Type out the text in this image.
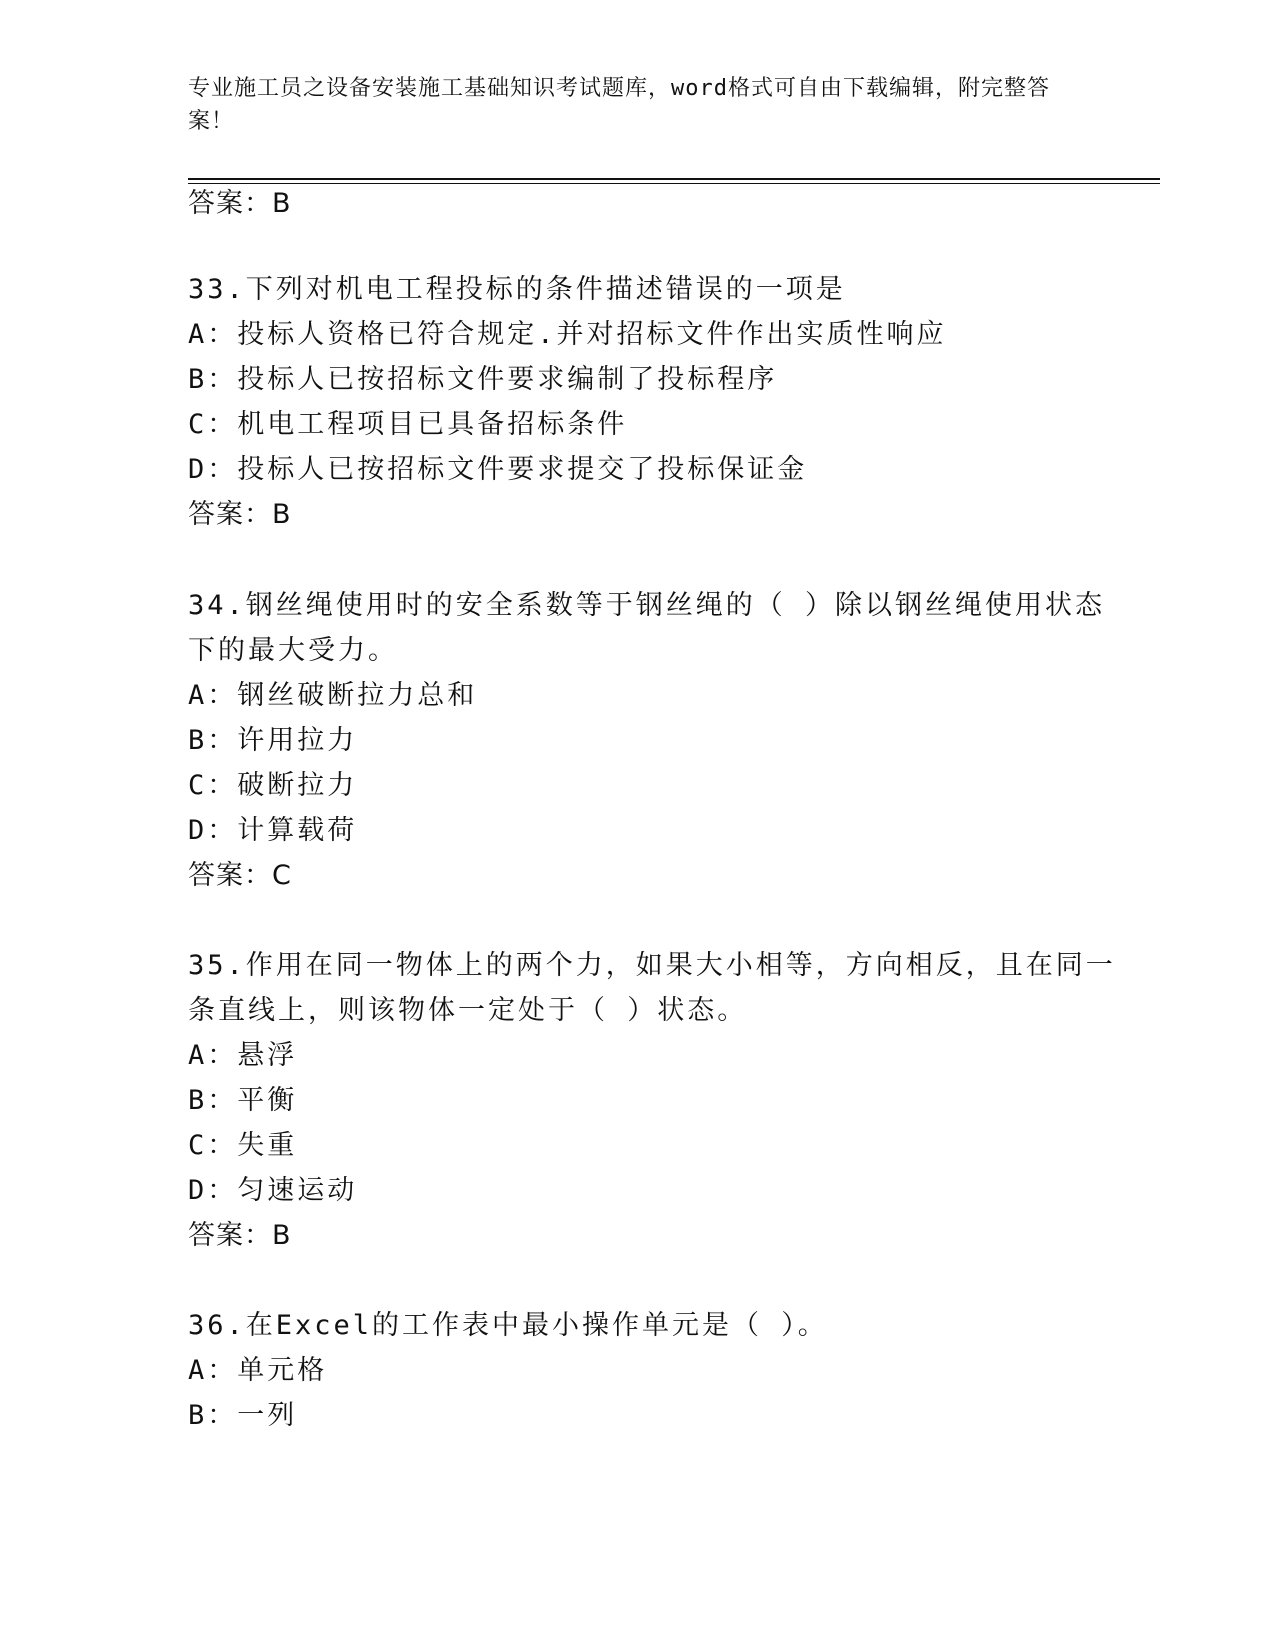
专业施工员之设备安装施工基础知识考试题库，word格式可自由下载编辑，附完整答案！

答案：B

33.下列对机电工程投标的条件描述错误的一项是

A：投标人资格已符合规定.并对招标文件作出实质性响应

B：投标人已按招标文件要求编制了投标程序

C：机电工程项目已具备招标条件

D：投标人已按招标文件要求提交了投标保证金

答案：B

34.钢丝绳使用时的安全系数等于钢丝绳的（ ）除以钢丝绳使用状态

下的最大受力。

A：钢丝破断拉力总和

B：许用拉力

C：破断拉力

D：计算载荷

答案：C

35.作用在同一物体上的两个力，如果大小相等，方向相反，且在同一

条直线上，则该物体一定处于（ ）状态。

A：悬浮

B：平衡

C：失重

D：匀速运动

答案：B

36.在Excel的工作表中最小操作单元是（ ）。

A：单元格

B：一列
